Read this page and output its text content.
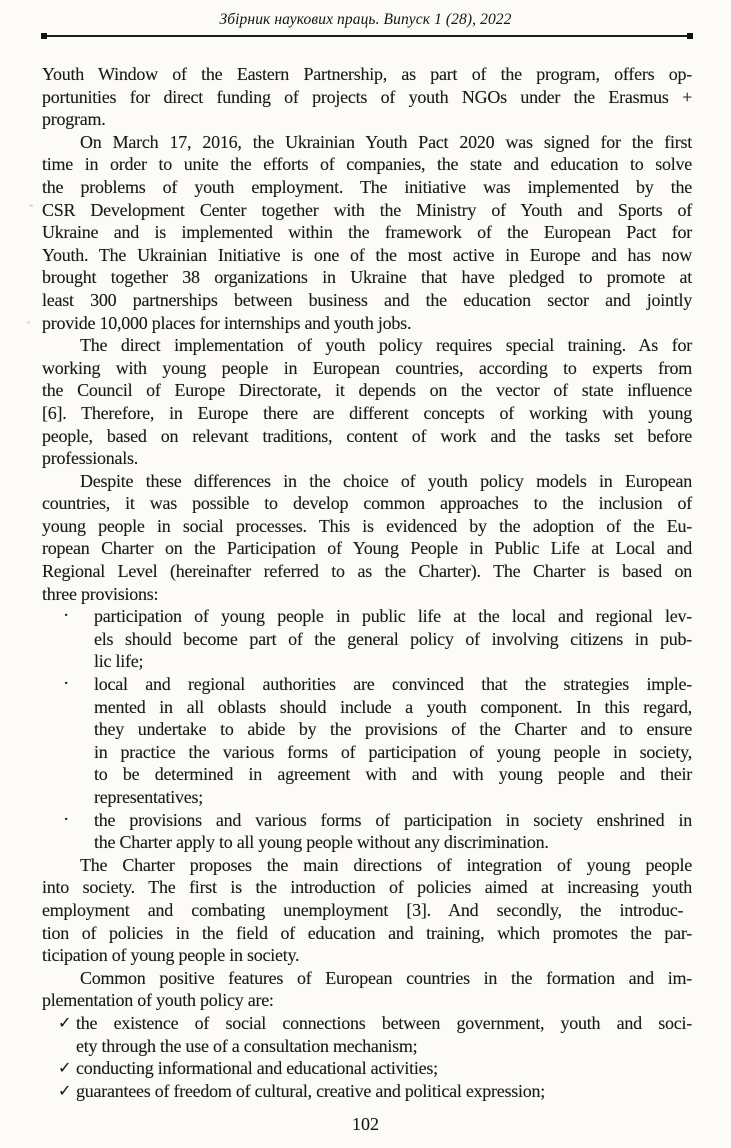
Збірник наукових праць. Випуск 1 (28), 2022
Youth Window of the Eastern Partnership, as part of the program, offers op-
portunities for direct funding of projects of youth NGOs under the Erasmus +
program.
On March 17, 2016, the Ukrainian Youth Pact 2020 was signed for the first
time in order to unite the efforts of companies, the state and education to solve
the problems of youth employment. The initiative was implemented by the
CSR Development Center together with the Ministry of Youth and Sports of
Ukraine and is implemented within the framework of the European Pact for
Youth. The Ukrainian Initiative is one of the most active in Europe and has now
brought together 38 organizations in Ukraine that have pledged to promote at
least 300 partnerships between business and the education sector and jointly
provide 10,000 places for internships and youth jobs.
The direct implementation of youth policy requires special training. As for
working with young people in European countries, according to experts from
the Council of Europe Directorate, it depends on the vector of state influence
[6]. Therefore, in Europe there are different concepts of working with young
people, based on relevant traditions, content of work and the tasks set before
professionals.
Despite these differences in the choice of youth policy models in European
countries, it was possible to develop common approaches to the inclusion of
young people in social processes. This is evidenced by the adoption of the Eu-
ropean Charter on the Participation of Young People in Public Life at Local and
Regional Level (hereinafter referred to as the Charter). The Charter is based on
three provisions:
· participation of young people in public life at the local and regional lev-
els should become part of the general policy of involving citizens in pub-
lic life;
· local and regional authorities are convinced that the strategies imple-
mented in all oblasts should include a youth component. In this regard,
they undertake to abide by the provisions of the Charter and to ensure
in practice the various forms of participation of young people in society,
to be determined in agreement with and with young people and their
representatives;
· the provisions and various forms of participation in society enshrined in
the Charter apply to all young people without any discrimination.
The Charter proposes the main directions of integration of young people
into society. The first is the introduction of policies aimed at increasing youth
employment and combating unemployment [3]. And secondly, the introduc-
tion of policies in the field of education and training, which promotes the par-
ticipation of young people in society.
Common positive features of European countries in the formation and im-
plementation of youth policy are:
✓ the existence of social connections between government, youth and soci-
ety through the use of a consultation mechanism;
✓ conducting informational and educational activities;
✓ guarantees of freedom of cultural, creative and political expression;
102
